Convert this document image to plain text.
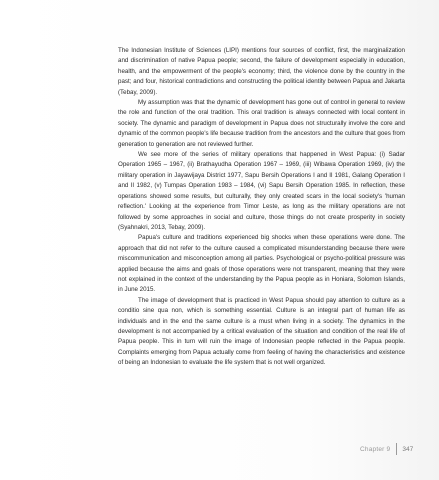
The Indonesian Institute of Sciences (LIPI) mentions four sources of conflict, first, the marginalization and discrimination of native Papua people; second, the failure of development especially in education, health, and the empowerment of the people's economy; third, the violence done by the country in the past; and four, historical contradictions and constructing the political identity between Papua and Jakarta (Tebay, 2009).

My assumption was that the dynamic of development has gone out of control in general to review the role and function of the oral tradition. This oral tradition is always connected with local content in society. The dynamic and paradigm of development in Papua does not structurally involve the core and dynamic of the common people's life because tradition from the ancestors and the culture that goes from generation to generation are not reviewed further.

We see more of the series of military operations that happened in West Papua: (i) Sadar Operation 1965 – 1967, (ii) Brathayudha Operation 1967 – 1969, (iii) Wibawa Operation 1969, (iv) the military operation in Jayawijaya District 1977, Sapu Bersih Operations I and II 1981, Galang Operation I and II 1982, (v) Tumpas Operation 1983 – 1984, (vi) Sapu Bersih Operation 1985. In reflection, these operations showed some results, but culturally, they only created scars in the local society's 'human reflection.' Looking at the experience from Timor Leste, as long as the military operations are not followed by some approaches in social and culture, those things do not create prosperity in society (Syahnakri, 2013, Tebay, 2009).

Papua's culture and traditions experienced big shocks when these operations were done. The approach that did not refer to the culture caused a complicated misunderstanding because there were miscommunication and misconception among all parties. Psychological or psycho-political pressure was applied because the aims and goals of those operations were not transparent, meaning that they were not explained in the context of the understanding by the Papua people as in Honiara, Solomon Islands, in June 2015.

The image of development that is practiced in West Papua should pay attention to culture as a conditio sine qua non, which is something essential. Culture is an integral part of human life as individuals and in the end the same culture is a must when living in a society. The dynamics in the development is not accompanied by a critical evaluation of the situation and condition of the real life of Papua people. This in turn will ruin the image of Indonesian people reflected in the Papua people. Complaints emerging from Papua actually come from feeling of having the characteristics and existence of being an Indonesian to evaluate the life system that is not well organized.

Chapter 9	347
